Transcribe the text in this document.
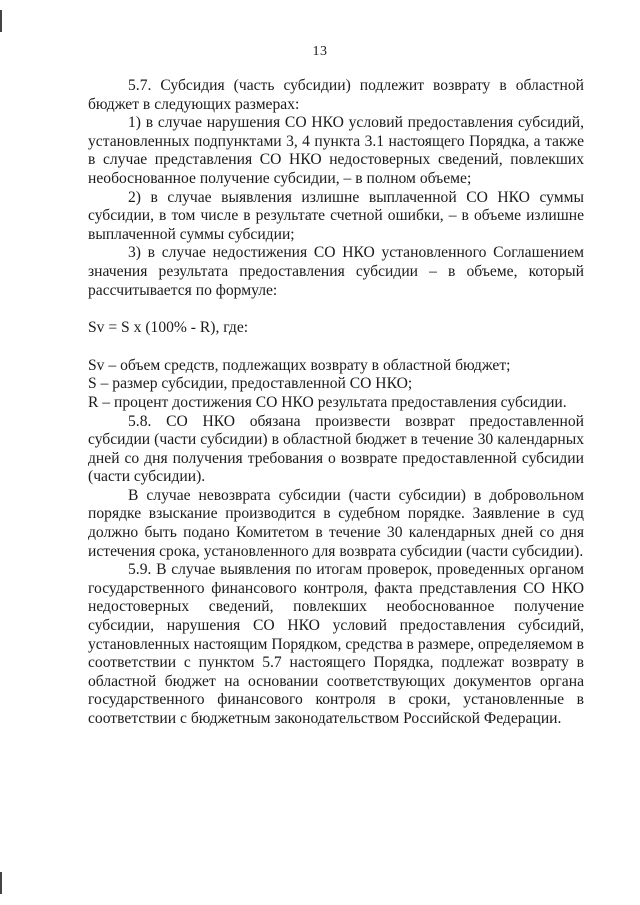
13

5.7. Субсидия (часть субсидии) подлежит возврату в областной бюджет в следующих размерах:

1) в случае нарушения СО НКО условий предоставления субсидий, установленных подпунктами 3, 4 пункта 3.1 настоящего Порядка, а также в случае представления СО НКО недостоверных сведений, повлекших необоснованное получение субсидии, – в полном объеме;

2) в случае выявления излишне выплаченной СО НКО суммы субсидии, в том числе в результате счетной ошибки, – в объеме излишне выплаченной суммы субсидии;

3) в случае недостижения СО НКО установленного Соглашением значения результата предоставления субсидии – в объеме, который рассчитывается по формуле:

Sv = S x (100% - R), где:

Sv – объем средств, подлежащих возврату в областной бюджет;

S – размер субсидии, предоставленной СО НКО;

R – процент достижения СО НКО результата предоставления субсидии.

5.8. СО НКО обязана произвести возврат предоставленной субсидии (части субсидии) в областной бюджет в течение 30 календарных дней со дня получения требования о возврате предоставленной субсидии (части субсидии).

В случае невозврата субсидии (части субсидии) в добровольном порядке взыскание производится в судебном порядке. Заявление в суд должно быть подано Комитетом в течение 30 календарных дней со дня истечения срока, установленного для возврата субсидии (части субсидии).

5.9. В случае выявления по итогам проверок, проведенных органом государственного финансового контроля, факта представления СО НКО недостоверных сведений, повлекших необоснованное получение субсидии, нарушения СО НКО условий предоставления субсидий, установленных настоящим Порядком, средства в размере, определяемом в соответствии с пунктом 5.7 настоящего Порядка, подлежат возврату в областной бюджет на основании соответствующих документов органа государственного финансового контроля в сроки, установленные в соответствии с бюджетным законодательством Российской Федерации.
